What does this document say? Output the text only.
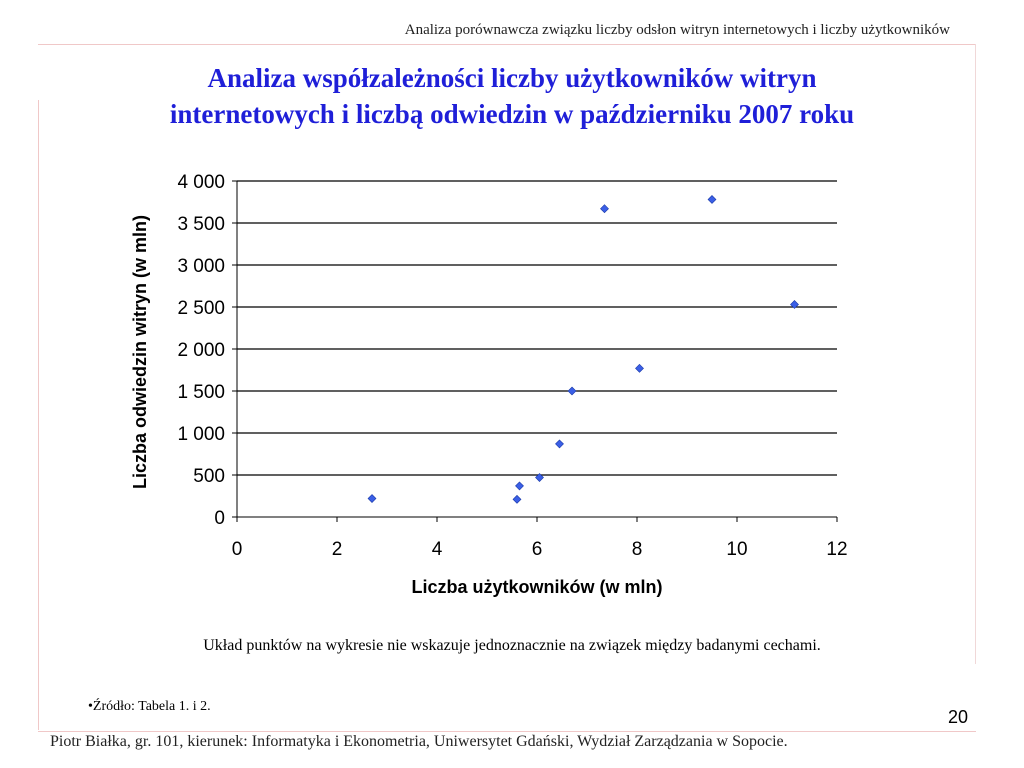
Analiza porównawcza związku liczby odsłon witryn internetowych i liczby użytkowników
Analiza współzależności liczby użytkowników witryn
internetowych i liczbą odwiedzin w październiku 2007 roku
0
500
1 000
1 500
2 000
2 500
3 000
3 500
4 000
0	2	4	6	8	10	12
Liczba użytkowników (w mln)
Liczba odwiedzin witryn (w mln)
Układ punktów na wykresie nie wskazuje jednoznacznie na związek między badanymi cechami.
•Źródło: Tabela 1. i 2.
20
Piotr Białka, gr. 101, kierunek: Informatyka i Ekonometria, Uniwersytet Gdański, Wydział Zarządzania w Sopocie.
